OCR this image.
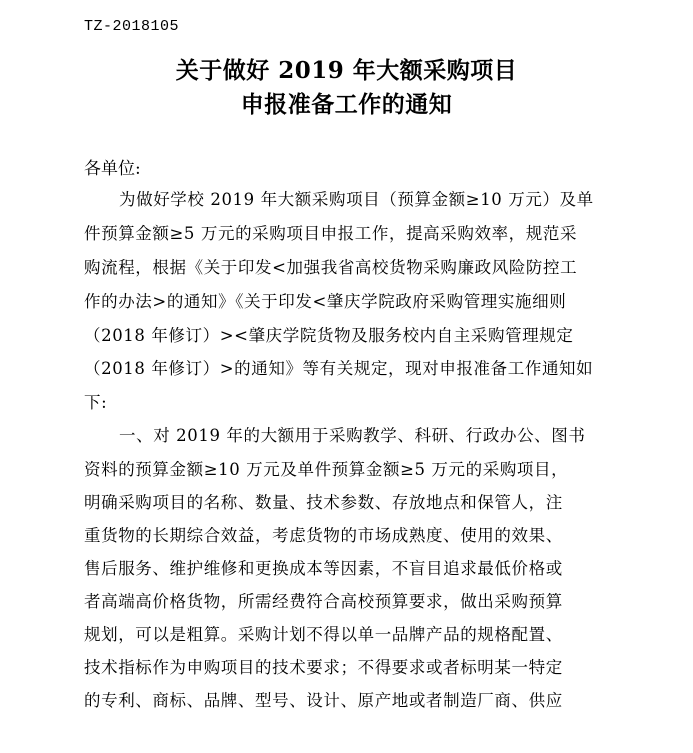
TZ-2018105
关于做好 2019 年大额采购项目
申报准备工作的通知
各单位:
为做好学校 2019 年大额采购项目（预算金额≥10 万元）及单
件预算金额≥5 万元的采购项目申报工作，提高采购效率，规范采
购流程，根据《关于印发<加强我省高校货物采购廉政风险防控工
作的办法>的通知》《关于印发<肇庆学院政府采购管理实施细则
（2018 年修订）><肇庆学院货物及服务校内自主采购管理规定
（2018 年修订）>的通知》等有关规定，现对申报准备工作通知如
下:
一、对 2019 年的大额用于采购教学、科研、行政办公、图书
资料的预算金额≥10 万元及单件预算金额≥5 万元的采购项目，
明确采购项目的名称、数量、技术参数、存放地点和保管人，注
重货物的长期综合效益，考虑货物的市场成熟度、使用的效果、
售后服务、维护维修和更换成本等因素，不盲目追求最低价格或
者高端高价格货物，所需经费符合高校预算要求，做出采购预算
规划，可以是粗算。采购计划不得以单一品牌产品的规格配置、
技术指标作为申购项目的技术要求；不得要求或者标明某一特定
的专利、商标、品牌、型号、设计、原产地或者制造厂商、供应
